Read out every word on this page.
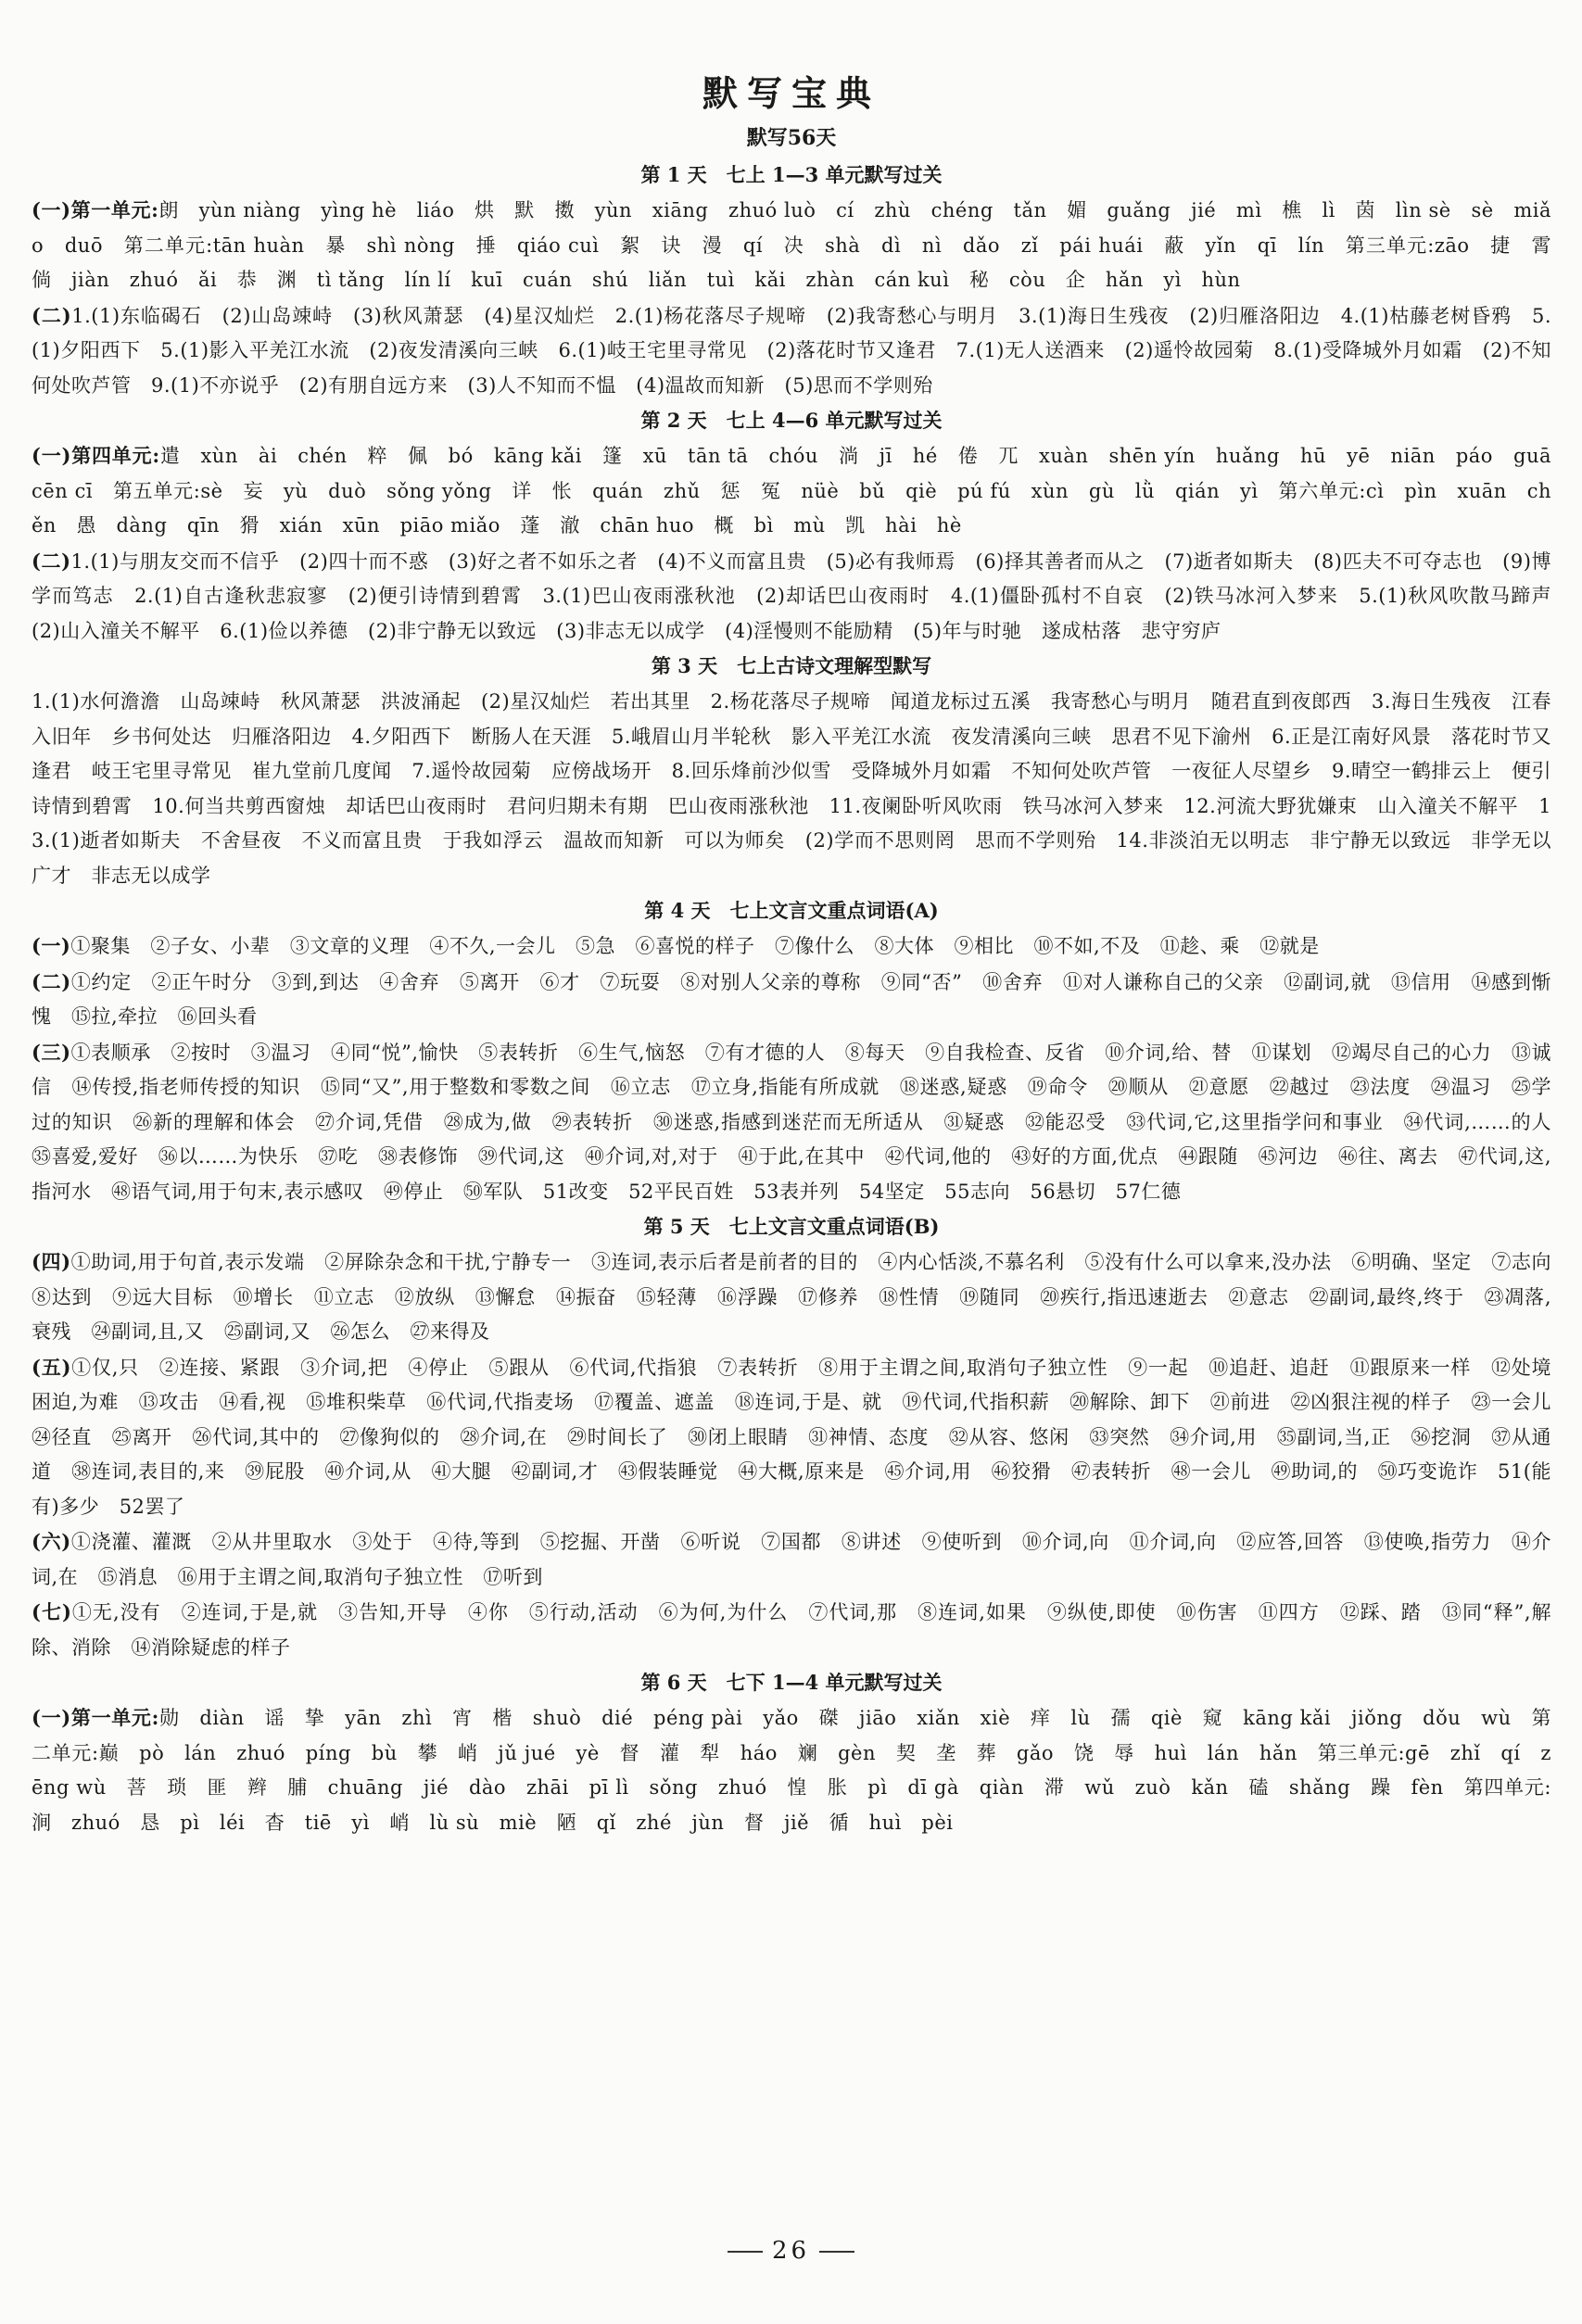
默写宝典
默写56天
第 1 天　七上 1—3 单元默写过关

(一)第一单元:朗　yùn niàng　yìng hè　liáo　烘　默　擞　yùn　xiāng　zhuó luò　cí　zhù　chéng　tǎn　媚　guǎng　jié　mì　樵　lì　茵　lìn sè　sè　miǎo　duō　第二单元:tān huàn　暴　shì nòng　捶　qiáo cuì　絮　诀　漫　qí　决　shà　dì　nì　dǎo　zǐ　pái huái　蔽　yǐn　qī　lín　第三单元:zāo　捷　霄　倘　jiàn　zhuó　ǎi　恭　渊　tì tǎng　lín lí　kuī　cuán　shú　liǎn　tuì　kǎi　zhàn　cán kuì　秘　còu　企　hǎn　yì　hùn

(二)1.(1)东临碣石　(2)山岛竦峙　(3)秋风萧瑟　(4)星汉灿烂　2.(1)杨花落尽子规啼　(2)我寄愁心与明月　3.(1)海日生残夜　(2)归雁洛阳边　4.(1)枯藤老树昏鸦　5.(1)夕阳西下　5.(1)影入平羌江水流　(2)夜发清溪向三峡　6.(1)岐王宅里寻常见　(2)落花时节又逢君　7.(1)无人送酒来　(2)遥怜故园菊　8.(1)受降城外月如霜　(2)不知何处吹芦管　9.(1)不亦说乎　(2)有朋自远方来　(3)人不知而不愠　(4)温故而知新　(5)思而不学则殆

第 2 天　七上 4—6 单元默写过关

(一)第四单元:遣　xùn　ài　chén　粹　佩　bó　kāng kǎi　篷　xū　tān tā　chóu　淌　jī　hé　倦　兀　xuàn　shēn yín　huǎng　hū　yē　niān　páo　guā　cēn cī　第五单元:sè　妄　yù　duò　sǒng yǒng　详　怅　quán　zhǔ　惩　冤　nüè　bǔ　qiè　pú fú　xùn　gù　lǜ　qián　yì　第六单元:cì　pìn　xuān　chěn　愚　dàng　qīn　猾　xián　xūn　piāo miǎo　蓬　澈　chān huo　概　bì　mù　凯　hài　hè

(二)1.(1)与朋友交而不信乎　(2)四十而不惑　(3)好之者不如乐之者　(4)不义而富且贵　(5)必有我师焉　(6)择其善者而从之　(7)逝者如斯夫　(8)匹夫不可夺志也　(9)博学而笃志　2.(1)自古逢秋悲寂寥　(2)便引诗情到碧霄　3.(1)巴山夜雨涨秋池　(2)却话巴山夜雨时　4.(1)僵卧孤村不自哀　(2)铁马冰河入梦来　5.(1)秋风吹散马蹄声　(2)山入潼关不解平　6.(1)俭以养德　(2)非宁静无以致远　(3)非志无以成学　(4)淫慢则不能励精　(5)年与时驰　遂成枯落　悲守穷庐

第 3 天　七上古诗文理解型默写

1.(1)水何澹澹　山岛竦峙　秋风萧瑟　洪波涌起　(2)星汉灿烂　若出其里　2.杨花落尽子规啼　闻道龙标过五溪　我寄愁心与明月　随君直到夜郎西　3.海日生残夜　江春入旧年　乡书何处达　归雁洛阳边　4.夕阳西下　断肠人在天涯　5.峨眉山月半轮秋　影入平羌江水流　夜发清溪向三峡　思君不见下渝州　6.正是江南好风景　落花时节又逢君　岐王宅里寻常见　崔九堂前几度闻　7.遥怜故园菊　应傍战场开　8.回乐烽前沙似雪　受降城外月如霜　不知何处吹芦管　一夜征人尽望乡　9.晴空一鹤排云上　便引诗情到碧霄　10.何当共剪西窗烛　却话巴山夜雨时　君问归期未有期　巴山夜雨涨秋池　11.夜阑卧听风吹雨　铁马冰河入梦来　12.河流大野犹嫌束　山入潼关不解平　13.(1)逝者如斯夫　不舍昼夜　不义而富且贵　于我如浮云　温故而知新　可以为师矣　(2)学而不思则罔　思而不学则殆　14.非淡泊无以明志　非宁静无以致远　非学无以广才　非志无以成学

第 4 天　七上文言文重点词语(A)

(一)①聚集　②子女、小辈　③文章的义理　④不久,一会儿　⑤急　⑥喜悦的样子　⑦像什么　⑧大体　⑨相比　⑩不如,不及　⑪趁、乘　⑫就是

(二)①约定　②正午时分　③到,到达　④舍弃　⑤离开　⑥才　⑦玩耍　⑧对别人父亲的尊称　⑨同“否”　⑩舍弃　⑪对人谦称自己的父亲　⑫副词,就　⑬信用　⑭感到惭愧　⑮拉,牵拉　⑯回头看

(三)①表顺承　②按时　③温习　④同“悦”,愉快　⑤表转折　⑥生气,恼怒　⑦有才德的人　⑧每天　⑨自我检查、反省　⑩介词,给、替　⑪谋划　⑫竭尽自己的心力　⑬诚信　⑭传授,指老师传授的知识　⑮同“又”,用于整数和零数之间　⑯立志　⑰立身,指能有所成就　⑱迷惑,疑惑　⑲命令　⑳顺从　㉑意愿　㉒越过　㉓法度　㉔温习　㉕学过的知识　㉖新的理解和体会　㉗介词,凭借　㉘成为,做　㉙表转折　㉚迷惑,指感到迷茫而无所适从　㉛疑惑　㉜能忍受　㉝代词,它,这里指学问和事业　㉞代词,……的人　㉟喜爱,爱好　㊱以……为快乐　㊲吃　㊳表修饰　㊴代词,这　㊵介词,对,对于　㊶于此,在其中　㊷代词,他的　㊸好的方面,优点　㊹跟随　㊺河边　㊻往、离去　㊼代词,这,指河水　㊽语气词,用于句末,表示感叹　㊾停止　㊿军队　51改变　52平民百姓　53表并列　54坚定　55志向　56悬切　57仁德

第 5 天　七上文言文重点词语(B)

(四)①助词,用于句首,表示发端　②屏除杂念和干扰,宁静专一　③连词,表示后者是前者的目的　④内心恬淡,不慕名利　⑤没有什么可以拿来,没办法　⑥明确、坚定　⑦志向　⑧达到　⑨远大目标　⑩增长　⑪立志　⑫放纵　⑬懈怠　⑭振奋　⑮轻薄　⑯浮躁　⑰修养　⑱性情　⑲随同　⑳疾行,指迅速逝去　㉑意志　㉒副词,最终,终于　㉓凋落,衰残　㉔副词,且,又　㉕副词,又　㉖怎么　㉗来得及

(五)①仅,只　②连接、紧跟　③介词,把　④停止　⑤跟从　⑥代词,代指狼　⑦表转折　⑧用于主谓之间,取消句子独立性　⑨一起　⑩追赶、追赶　⑪跟原来一样　⑫处境困迫,为难　⑬攻击　⑭看,视　⑮堆积柴草　⑯代词,代指麦场　⑰覆盖、遮盖　⑱连词,于是、就　⑲代词,代指积薪　⑳解除、卸下　㉑前进　㉒凶狠注视的样子　㉓一会儿　㉔径直　㉕离开　㉖代词,其中的　㉗像狗似的　㉘介词,在　㉙时间长了　㉚闭上眼睛　㉛神情、态度　㉜从容、悠闲　㉝突然　㉞介词,用　㉟副词,当,正　㊱挖洞　㊲从通道　㊳连词,表目的,来　㊴屁股　㊵介词,从　㊶大腿　㊷副词,才　㊸假装睡觉　㊹大概,原来是　㊺介词,用　㊻狡猾　㊼表转折　㊽一会儿　㊾助词,的　㊿巧变诡诈　51(能有)多少　52罢了

(六)①浇灌、灌溉　②从井里取水　③处于　④待,等到　⑤挖掘、开凿　⑥听说　⑦国都　⑧讲述　⑨使听到　⑩介词,向　⑪介词,向　⑫应答,回答　⑬使唤,指劳力　⑭介词,在　⑮消息　⑯用于主谓之间,取消句子独立性　⑰听到

(七)①无,没有　②连词,于是,就　③告知,开导　④你　⑤行动,活动　⑥为何,为什么　⑦代词,那　⑧连词,如果　⑨纵使,即使　⑩伤害　⑪四方　⑫踩、踏　⑬同“释”,解除、消除　⑭消除疑虑的样子

第 6 天　七下 1—4 单元默写过关

(一)第一单元:勋　diàn　谣　挚　yān　zhì　宵　楷　shuò　dié　péng pài　yǎo　磔　jiāo　xiǎn　xiè　痒　lù　孺　qiè　窥　kāng kǎi　jiǒng　dǒu　wù　第二单元:巅　pò　lán　zhuó　píng　bù　攀　峭　jǔ jué　yè　督　灌　犁　háo　斓　gèn　契　垄　葬　gǎo　饶　辱　huì　lán　hǎn　第三单元:gē　zhǐ　qí　zēng wù　菩　琐　匪　辫　脯　chuāng　jié　dào　zhāi　pī lì　sǒng　zhuó　惶　胀　pì　dī gà　qiàn　滞　wǔ　zuò　kǎn　磕　shǎng　躁　fèn　第四单元:涧　zhuó　恳　pì　léi　杳　tiē　yì　峭　lù sù　miè　陋　qǐ　zhé　jùn　督　jiě　循　huì　pèi

26
